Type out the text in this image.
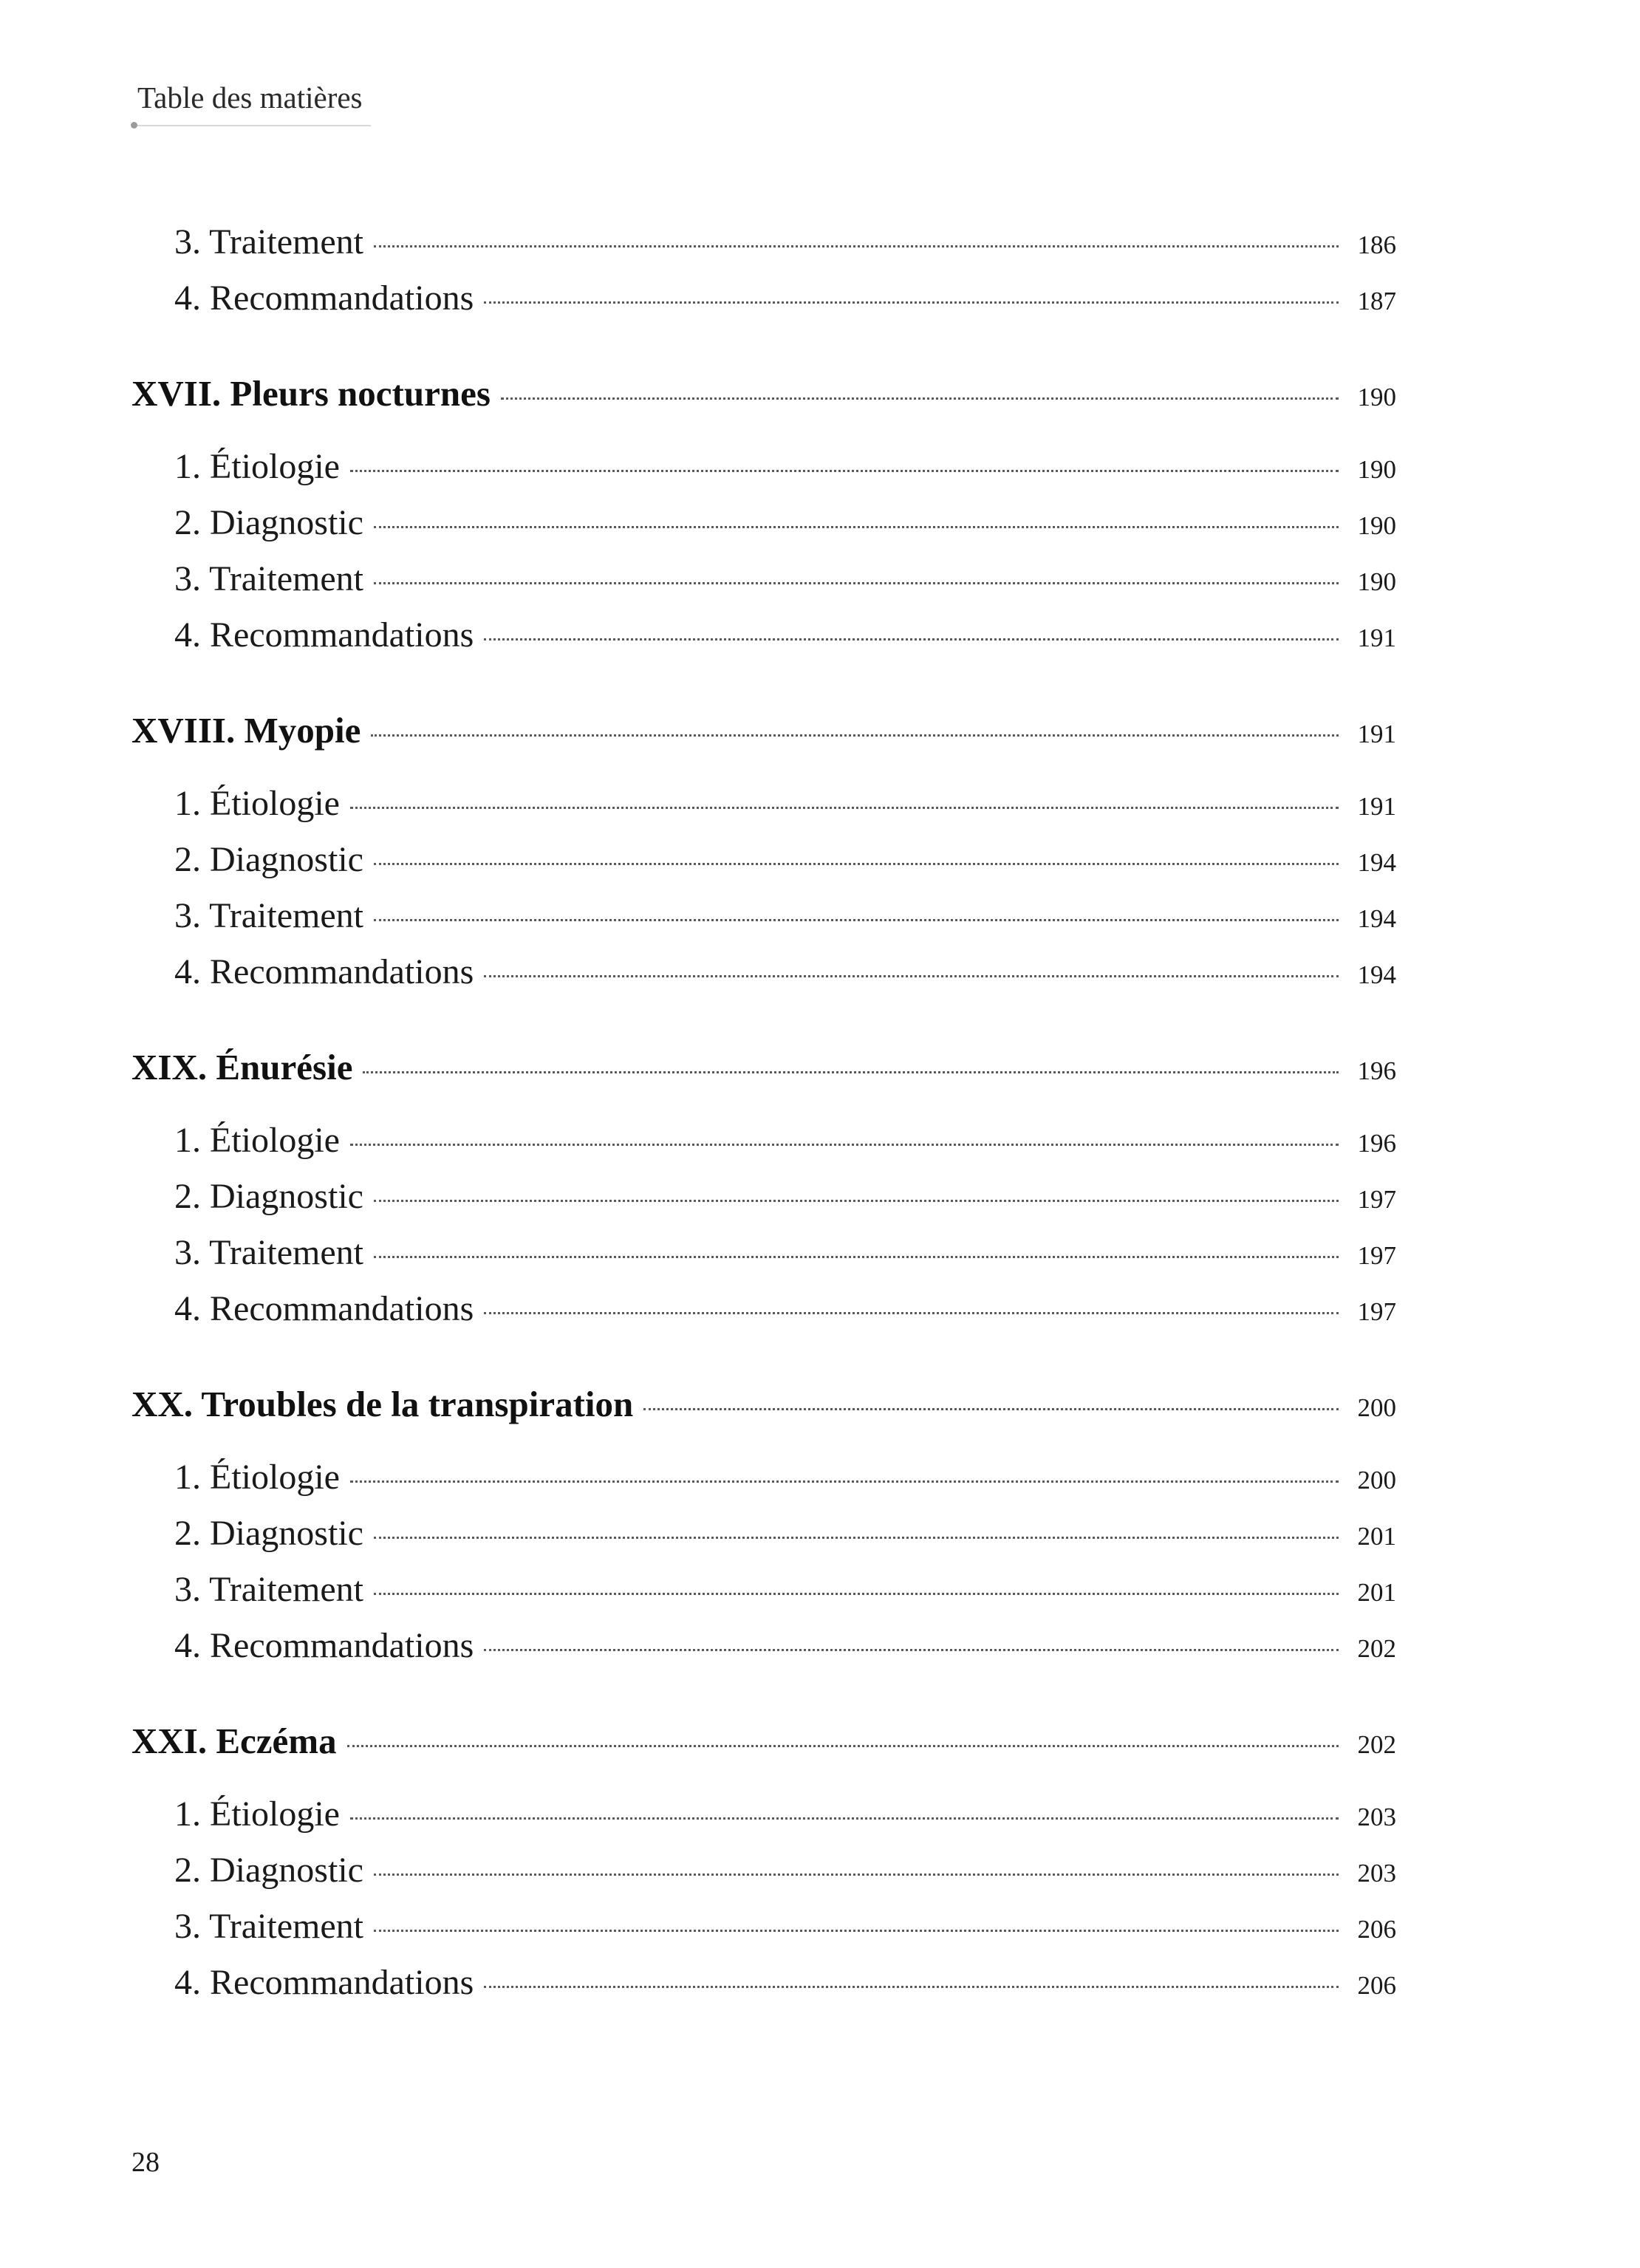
Table des matières
3. Traitement	186
4. Recommandations	187
XVII. Pleurs nocturnes	190
1. Étiologie	190
2. Diagnostic	190
3. Traitement	190
4. Recommandations	191
XVIII. Myopie	191
1. Étiologie	191
2. Diagnostic	194
3. Traitement	194
4. Recommandations	194
XIX. Énurésie	196
1. Étiologie	196
2. Diagnostic	197
3. Traitement	197
4. Recommandations	197
XX. Troubles de la transpiration	200
1. Étiologie	200
2. Diagnostic	201
3. Traitement	201
4. Recommandations	202
XXI. Eczéma	202
1. Étiologie	203
2. Diagnostic	203
3. Traitement	206
4. Recommandations	206
28
